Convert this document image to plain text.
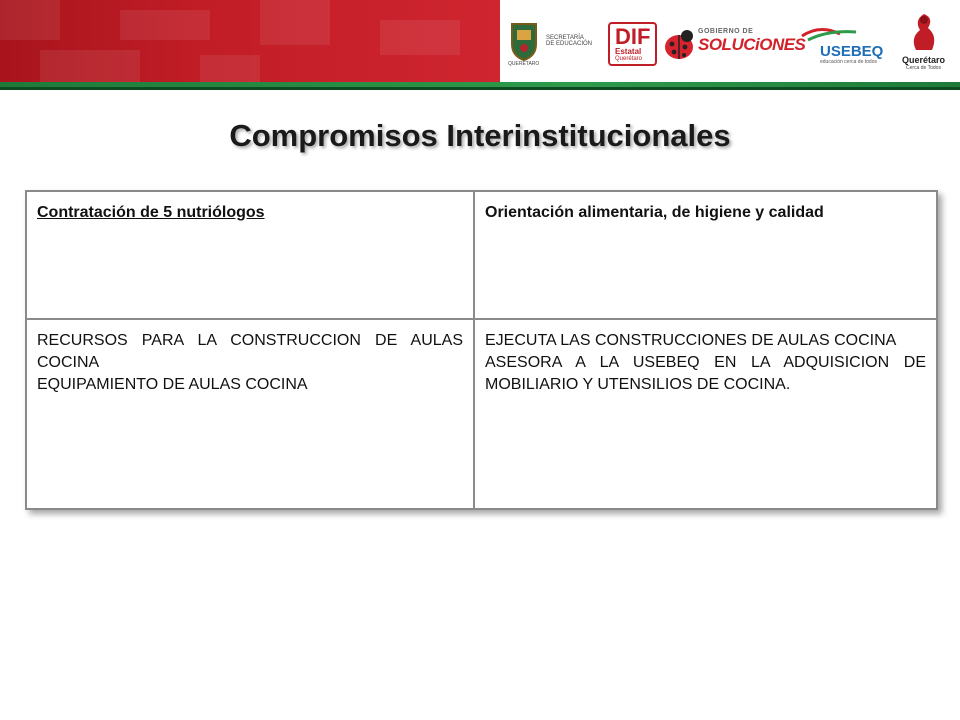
SECRETARÍA
DE EDUCACIÓN
QUERÉTARO
DIF
Estatal
Querétaro
GOBIERNO DE
SOLUCiONES USEBEQ
educación cerca de todos	Querétaro
Cerca de Todos
Compromisos Interinstitucionales
Contratación de 5 nutriólogos	Orientación alimentaria, de higiene y calidad
RECURSOS PARA LA CONSTRUCCION DE AULAS COCINA
EQUIPAMIENTO DE AULAS COCINA
EJECUTA LAS CONSTRUCCIONES DE AULAS COCINA
ASESORA A LA USEBEQ EN LA ADQUISICION DE MOBILIARIO Y UTENSILIOS DE COCINA.
